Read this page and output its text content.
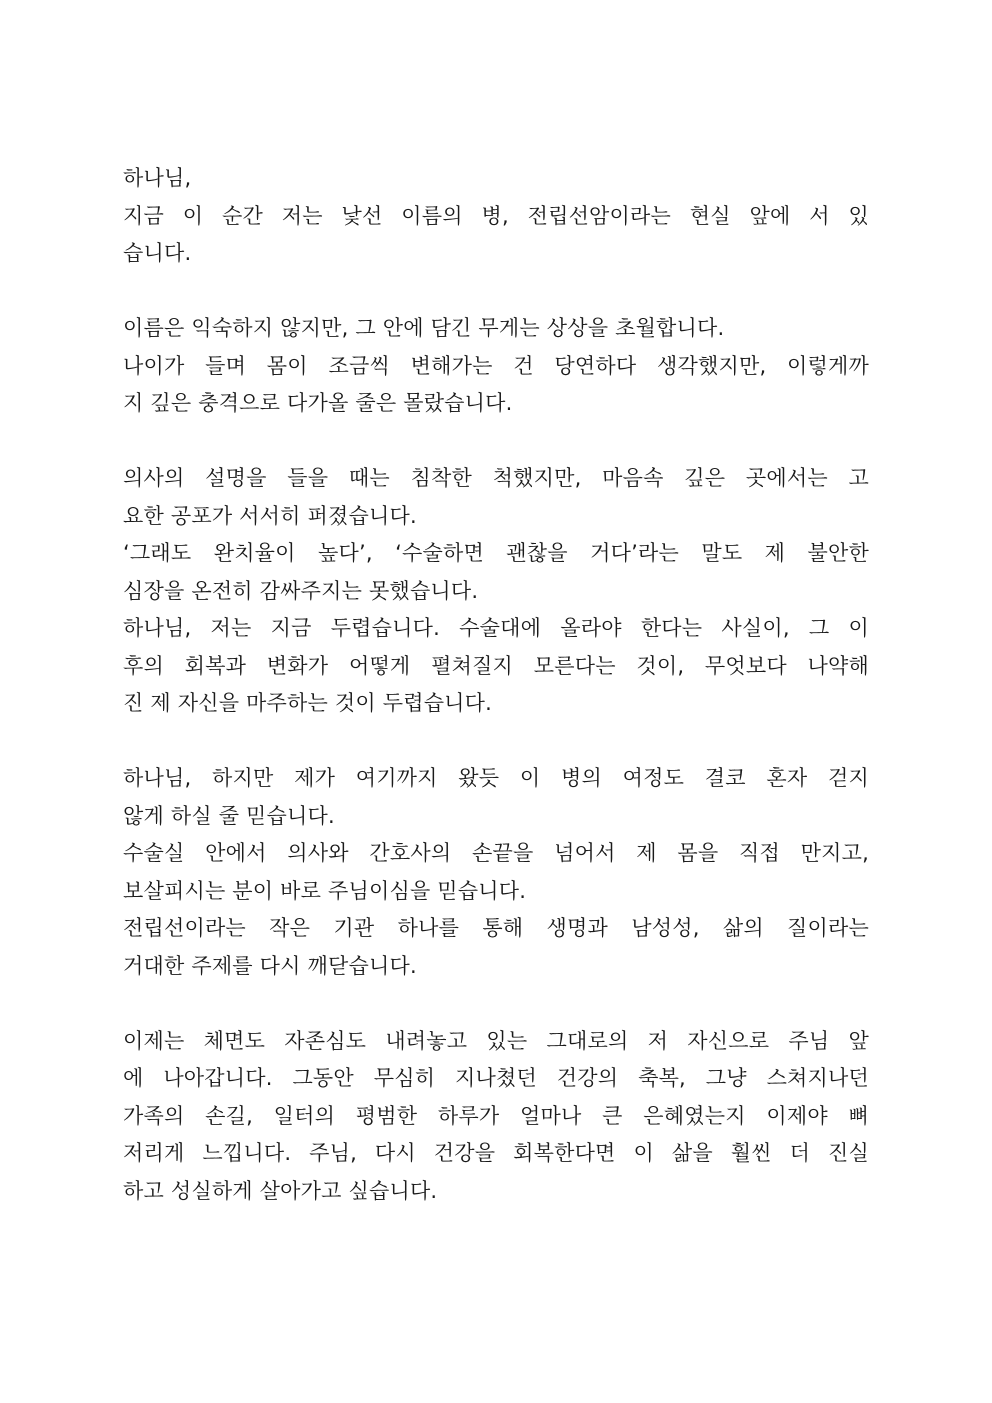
하나님,
지금 이 순간 저는 낯선 이름의 병, 전립선암이라는 현실 앞에 서 있
습니다.
이름은 익숙하지 않지만, 그 안에 담긴 무게는 상상을 초월합니다.
나이가 들며 몸이 조금씩 변해가는 건 당연하다 생각했지만, 이렇게까
지 깊은 충격으로 다가올 줄은 몰랐습니다.
의사의 설명을 들을 때는 침착한 척했지만, 마음속 깊은 곳에서는 고
요한 공포가 서서히 퍼졌습니다.
‘그래도 완치율이 높다’, ‘수술하면 괜찮을 거다’라는 말도 제 불안한
심장을 온전히 감싸주지는 못했습니다.
하나님, 저는 지금 두렵습니다. 수술대에 올라야 한다는 사실이, 그 이
후의 회복과 변화가 어떻게 펼쳐질지 모른다는 것이, 무엇보다 나약해
진 제 자신을 마주하는 것이 두렵습니다.
하나님, 하지만 제가 여기까지 왔듯 이 병의 여정도 결코 혼자 걷지
않게 하실 줄 믿습니다.
수술실 안에서 의사와 간호사의 손끝을 넘어서 제 몸을 직접 만지고,
보살피시는 분이 바로 주님이심을 믿습니다.
전립선이라는 작은 기관 하나를 통해 생명과 남성성, 삶의 질이라는
거대한 주제를 다시 깨닫습니다.
이제는 체면도 자존심도 내려놓고 있는 그대로의 저 자신으로 주님 앞
에 나아갑니다. 그동안 무심히 지나쳤던 건강의 축복, 그냥 스쳐지나던
가족의 손길, 일터의 평범한 하루가 얼마나 큰 은혜였는지 이제야 뼈
저리게 느낍니다. 주님, 다시 건강을 회복한다면 이 삶을 훨씬 더 진실
하고 성실하게 살아가고 싶습니다.
